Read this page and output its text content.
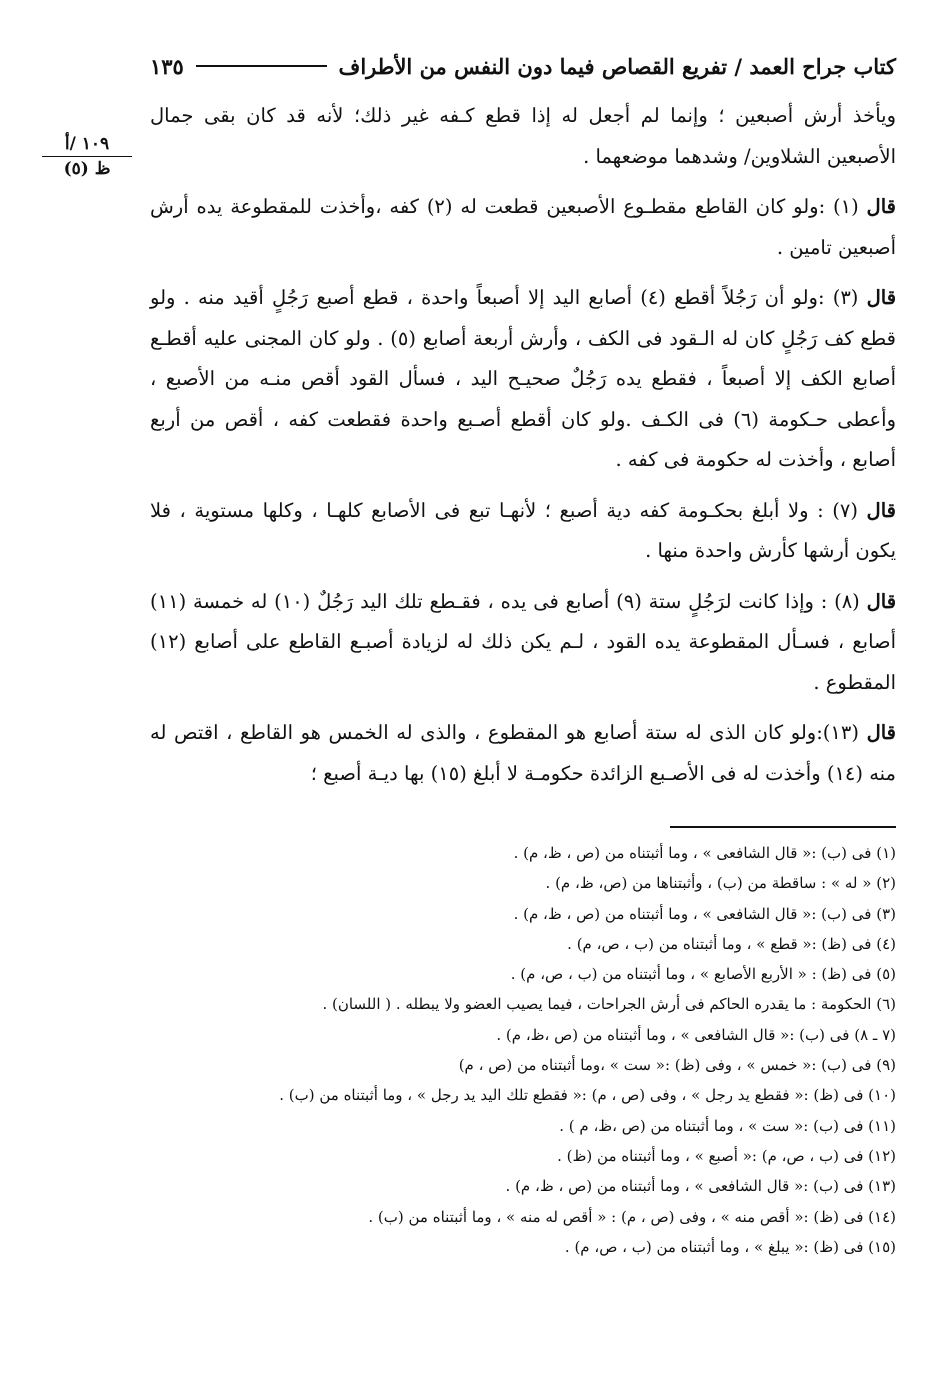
كتاب جراح العمد / تفريع القصاص فيما دون النفس من الأطراف
١٣٥
١٠٩ /أ
ظ (٥)

ويأخذ أرش أصبعين ؛ وإنما لم أجعل له إذا قطع كـفه غير ذلك؛ لأنه قد كان بقى جمال الأصبعين الشلاوين/ وشدهما موضعهما .

قال (١) :ولو كان القاطع مقطـوع الأصبعين قطعت له (٢) كفه ،وأخذت للمقطوعة يده أرش أصبعين تامين .

قال (٣) :ولو أن رَجُلاً أقطع (٤) أصابع اليد إلا أصبعاً واحدة ، قطع أصبع رَجُلٍ أقيد منه . ولو قطع كف رَجُلٍ كان له الـقود فى الكف ، وأرش أربعة أصابع (٥) . ولو كان المجنى عليه أقطـع أصابع الكف إلا أصبعاً ، فقطع يده رَجُلٌ صحيـح اليد ، فسأل القود أقص منـه من الأصبع ، وأعطى حـكومة (٦) فى الكـف .ولو كان أقطع أصـبع واحدة فقطعت كفه ، أقص من أربع أصابع ، وأخذت له حكومة فى كفه .

قال (٧) : ولا أبلغ بحكـومة كفه دية أصبع ؛ لأنهـا تبع فى الأصابع كلهـا ، وكلها مستوية ، فلا يكون أرشها كأرش واحدة منها .

قال (٨) : وإذا كانت لرَجُلٍ ستة (٩) أصابع فى يده ، فقـطع تلك اليد رَجُلٌ (١٠) له خمسة (١١) أصابع ، فسـأل المقطوعة يده القود ، لـم يكن ذلك له لزيادة أصبـع القاطع على أصابع (١٢) المقطوع .

قال (١٣):ولو كان الذى له ستة أصابع هو المقطوع ، والذى له الخمس هو القاطع ، اقتص له منه (١٤) وأخذت له فى الأصـبع الزائدة حكومـة لا أبلغ (١٥) بها ديـة أصبع ؛

(١) فى (ب) :« قال الشافعى » ، وما أثبتناه من (ص ، ظ، م) .
(٢) « له » : ساقطة من (ب) ، وأثبتناها من (ص، ظ، م) .
(٣) فى (ب) :« قال الشافعى » ، وما أثبتناه من (ص ، ظ، م) .
(٤) فى (ظ) :« قطع » ، وما أثبتناه من (ب ، ص، م) .
(٥) فى (ظ) : « الأربع الأصابع » ، وما أثبتناه من (ب ، ص، م) .
(٦) الحكومة : ما يقدره الحاكم فى أرش الجراحات ، فيما يصيب العضو ولا يبطله . ( اللسان) .
(٧ ـ ٨) فى (ب) :« قال الشافعى » ، وما أثبتناه من (ص ،ظ، م) .
(٩) فى (ب) :« خمس » ، وفى (ظ) :« ست » ،وما أثبتناه من (ص ، م)
(١٠) فى (ظ) :« فقطع يد رجل » ، وفى (ص ، م) :« فقطع تلك اليد يد رجل » ، وما أثبتناه من (ب) .
(١١) فى (ب) :« ست » ، وما أثبتناه من (ص ،ظ، م ) .
(١٢) فى (ب ، ص، م) :« أصبع » ، وما أثبتناه من (ظ) .
(١٣) فى (ب) :« قال الشافعى » ، وما أثبتناه من (ص ، ظ، م) .
(١٤) فى (ظ) :« أقص منه » ، وفى (ص ، م) : « أقص له منه » ، وما أثبتناه من (ب) .
(١٥) فى (ظ) :« يبلغ » ، وما أثبتناه من (ب ، ص، م) .
